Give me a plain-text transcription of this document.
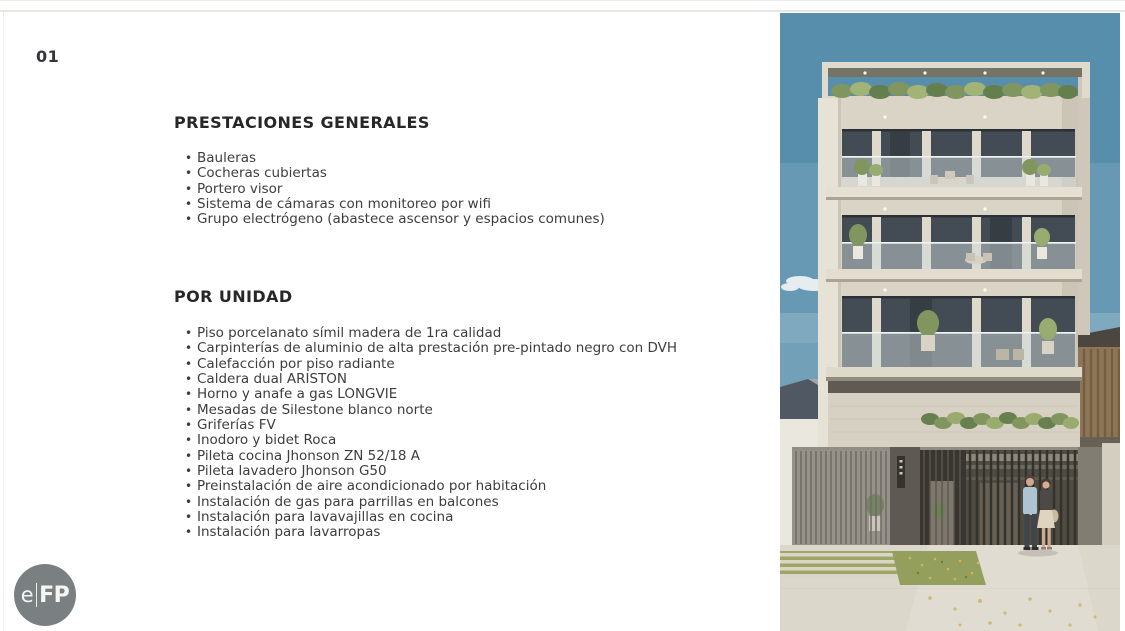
01
PRESTACIONES GENERALES
• Bauleras
• Cocheras cubiertas
• Portero visor
• Sistema de cámaras con monitoreo por wifi
• Grupo electrógeno (abastece ascensor y espacios comunes)
POR UNIDAD
• Piso porcelanato símil madera de 1ra calidad
• Carpinterías de aluminio de alta prestación pre-pintado negro con DVH
• Calefacción por piso radiante
• Caldera dual ARISTON
• Horno y anafe a gas LONGVIE
• Mesadas de Silestone blanco norte
• Griferías FV
• Inodoro y bidet Roca
• Pileta cocina Jhonson ZN 52/18 A
• Pileta lavadero Jhonson G50
• Preinstalación de aire acondicionado por habitación
• Instalación de gas para parrillas en balcones
• Instalación para lavavajillas en cocina
• Instalación para lavarropas
e FP
